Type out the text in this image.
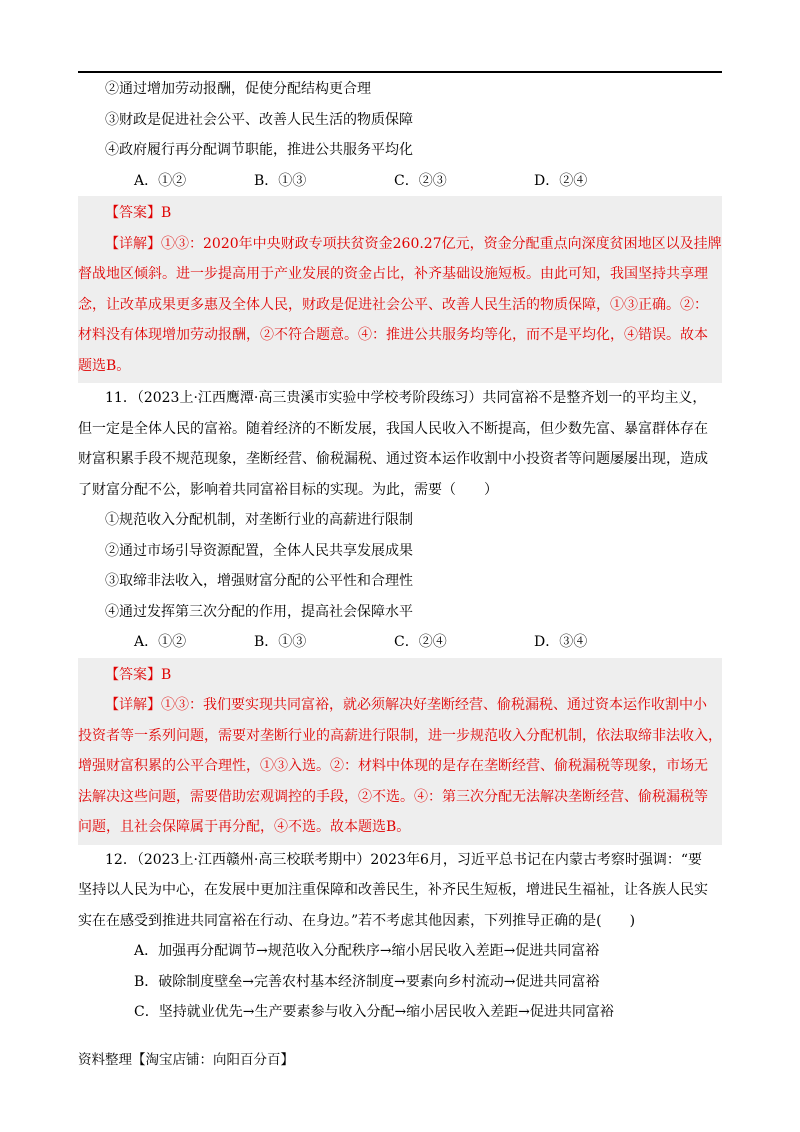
②通过增加劳动报酬，促使分配结构更合理
③财政是促进社会公平、改善人民生活的物质保障
④政府履行再分配调节职能，推进公共服务平均化
A．①②	B．①③	C．②③	D．②④
【答案】B
【详解】①③：2020年中央财政专项扶贫资金260.27亿元，资金分配重点向深度贫困地区以及挂牌
督战地区倾斜。进一步提高用于产业发展的资金占比，补齐基础设施短板。由此可知，我国坚持共享理
念，让改革成果更多惠及全体人民，财政是促进社会公平、改善人民生活的物质保障，①③正确。②：
材料没有体现增加劳动报酬，②不符合题意。④：推进公共服务均等化，而不是平均化，④错误。故本
题选B。
11．（2023上·江西鹰潭·高三贵溪市实验中学校考阶段练习）共同富裕不是整齐划一的平均主义，
但一定是全体人民的富裕。随着经济的不断发展，我国人民收入不断提高，但少数先富、暴富群体存在
财富积累手段不规范现象，垄断经营、偷税漏税、通过资本运作收割中小投资者等问题屡屡出现，造成
了财富分配不公，影响着共同富裕目标的实现。为此，需要（　　）
①规范收入分配机制，对垄断行业的高薪进行限制
②通过市场引导资源配置，全体人民共享发展成果
③取缔非法收入，增强财富分配的公平性和合理性
④通过发挥第三次分配的作用，提高社会保障水平
A．①②	B．①③	C．②④	D．③④
【答案】B
【详解】①③：我们要实现共同富裕，就必须解决好垄断经营、偷税漏税、通过资本运作收割中小
投资者等一系列问题，需要对垄断行业的高薪进行限制，进一步规范收入分配机制，依法取缔非法收入，
增强财富积累的公平合理性，①③入选。②：材料中体现的是存在垄断经营、偷税漏税等现象，市场无
法解决这些问题，需要借助宏观调控的手段，②不选。④：第三次分配无法解决垄断经营、偷税漏税等
问题，且社会保障属于再分配，④不选。故本题选B。
12．（2023上·江西赣州·高三校联考期中）2023年6月，习近平总书记在内蒙古考察时强调：“要
坚持以人民为中心，在发展中更加注重保障和改善民生，补齐民生短板，增进民生福祉，让各族人民实
实在在感受到推进共同富裕在行动、在身边。”若不考虑其他因素，下列推导正确的是(　　)
A．加强再分配调节→规范收入分配秩序→缩小居民收入差距→促进共同富裕
B．破除制度壁垒→完善农村基本经济制度→要素向乡村流动→促进共同富裕
C．坚持就业优先→生产要素参与收入分配→缩小居民收入差距→促进共同富裕
资料整理【淘宝店铺：向阳百分百】
